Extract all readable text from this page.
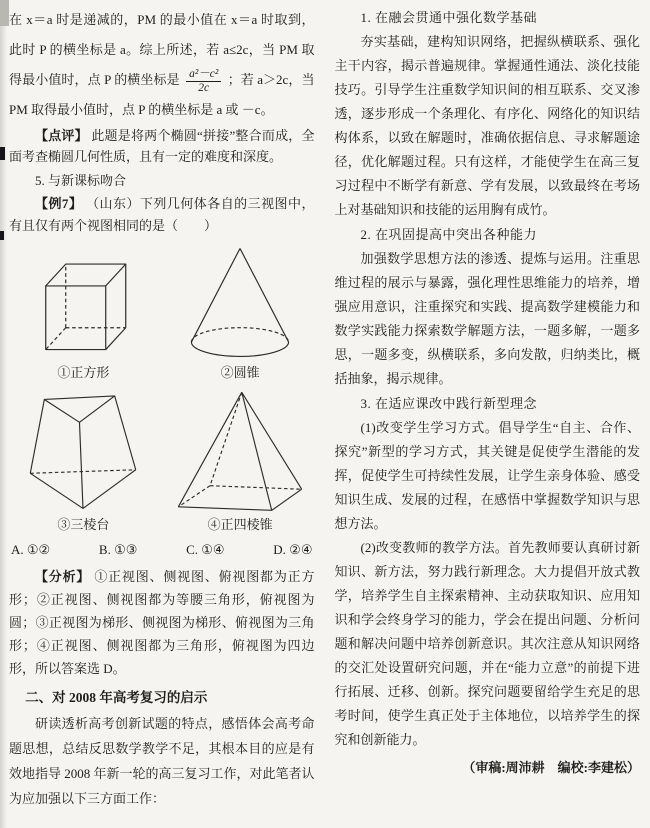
在 x＝a 时是递减的，PM 的最小值在 x＝a 时取到，此时 P 的横坐标是 a。综上所述，若 a≤2c，当 PM 取得最小值时，点 P 的横坐标是 $\frac{\text{a²－c²}}{2c}$ ；若 a＞2c，当 PM 取得最小值时，点 P 的横坐标是 a 或 －c。

【点评】 此题是将两个椭圆“拼接”整合而成，全面考查椭圆几何性质，且有一定的难度和深度。

5. 与新课标吻合

【例7】 （山东）下列几何体各自的三视图中，有且仅有两个视图相同的是（　　）

①正方形	②圆锥
③三棱台	④正四棱锥
A. ①②	B. ①③	C. ①④	D. ②④

【分析】 ①正视图、侧视图、俯视图都为正方形；②正视图、侧视图都为等腰三角形，俯视图为圆；③正视图为梯形、侧视图为梯形、俯视图为三角形；④正视图、侧视图都为三角形，俯视图为四边形，所以答案选 D。

二、对 2008 年高考复习的启示

研读透析高考创新试题的特点，感悟体会高考命题思想，总结反思数学教学不足，其根本目的应是有效地指导 2008 年新一轮的高三复习工作，对此笔者认为应加强以下三方面工作：

1. 在融会贯通中强化数学基础

夯实基础，建构知识网络，把握纵横联系、强化主干内容，揭示普遍规律。掌握通性通法、淡化技能技巧。引导学生注重数学知识间的相互联系、交叉渗透，逐步形成一个条理化、有序化、网络化的知识结构体系，以致在解题时，准确依据信息、寻求解题途径，优化解题过程。只有这样，才能使学生在高三复习过程中不断学有新意、学有发展，以致最终在考场上对基础知识和技能的运用胸有成竹。

2. 在巩固提高中突出各种能力

加强数学思想方法的渗透、提炼与运用。注重思维过程的展示与暴露，强化理性思维能力的培养，增强应用意识，注重探究和实践、提高数学建模能力和数学实践能力探索数学解题方法，一题多解，一题多思，一题多变，纵横联系，多向发散，归纳类比，概括抽象，揭示规律。

3. 在适应课改中践行新型理念

(1)改变学生学习方式。倡导学生“自主、合作、探究”新型的学习方式，其关键是促使学生潜能的发挥，促使学生可持续性发展，让学生亲身体验、感受知识生成、发展的过程，在感悟中掌握数学知识与思想方法。

(2)改变教师的教学方法。首先教师要认真研讨新知识、新方法，努力践行新理念。大力提倡开放式教学，培养学生自主探索精神、主动获取知识、应用知识和学会终身学习的能力，学会在提出问题、分析问题和解决问题中培养创新意识。其次注意从知识网络的交汇处设置研究问题，并在“能力立意”的前提下进行拓展、迁移、创新。探究问题要留给学生充足的思考时间，使学生真正处于主体地位，以培养学生的探究和创新能力。

（审稿:周沛耕　编校:李建松）
